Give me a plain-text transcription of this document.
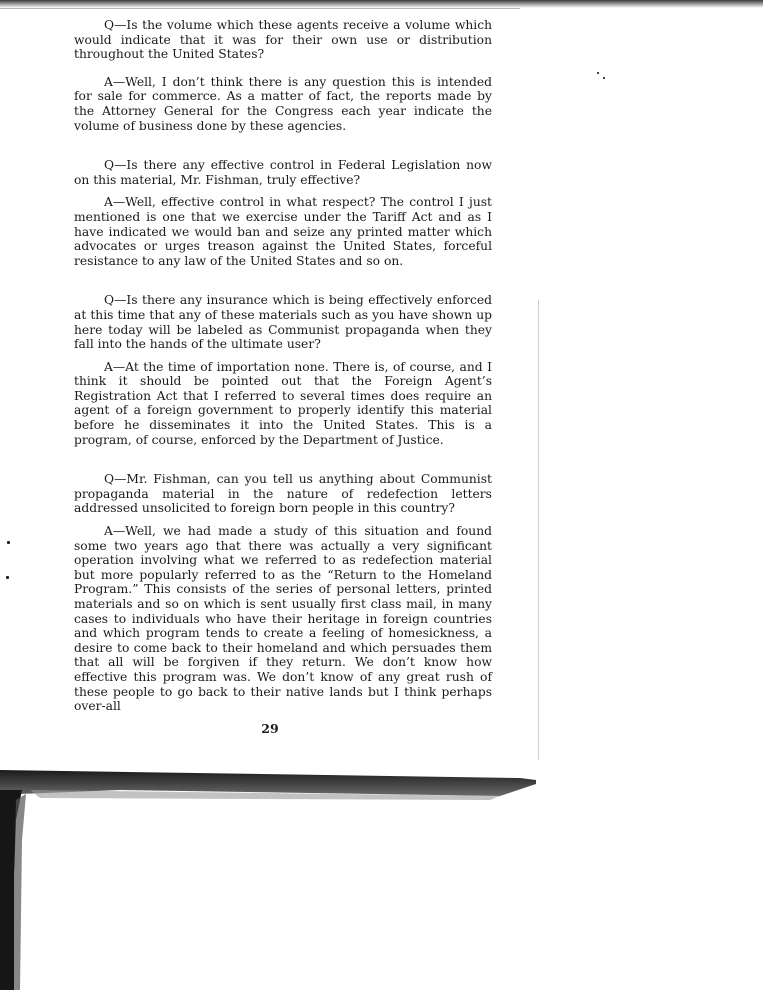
Q—Is the volume which these agents receive a volume which would indicate that it was for their own use or distribution throughout the United States?

A—Well, I don’t think there is any question this is intended for sale for commerce. As a matter of fact, the reports made by the Attorney General for the Congress each year indicate the volume of business done by these agencies.

Q—Is there any effective control in Federal Legislation now on this material, Mr. Fishman, truly effective?

A—Well, effective control in what respect? The control I just mentioned is one that we exercise under the Tariff Act and as I have indicated we would ban and seize any printed matter which advocates or urges treason against the United States, forceful resistance to any law of the United States and so on.

Q—Is there any insurance which is being effectively enforced at this time that any of these materials such as you have shown up here today will be labeled as Communist propaganda when they fall into the hands of the ultimate user?

A—At the time of importation none. There is, of course, and I think it should be pointed out that the Foreign Agent’s Registration Act that I referred to several times does require an agent of a foreign government to properly identify this material before he disseminates it into the United States. This is a program, of course, enforced by the Department of Justice.

Q—Mr. Fishman, can you tell us anything about Communist propaganda material in the nature of redefection letters addressed unsolicited to foreign born people in this country?

A—Well, we had made a study of this situation and found some two years ago that there was actually a very significant operation involving what we referred to as redefection material but more popularly referred to as the “Return to the Homeland Program.” This consists of the series of personal letters, printed materials and so on which is sent usually first class mail, in many cases to individuals who have their heritage in foreign countries and which program tends to create a feeling of homesickness, a desire to come back to their homeland and which persuades them that all will be forgiven if they return. We don’t know how effective this program was. We don’t know of any great rush of these people to go back to their native lands but I think perhaps over-all

29
